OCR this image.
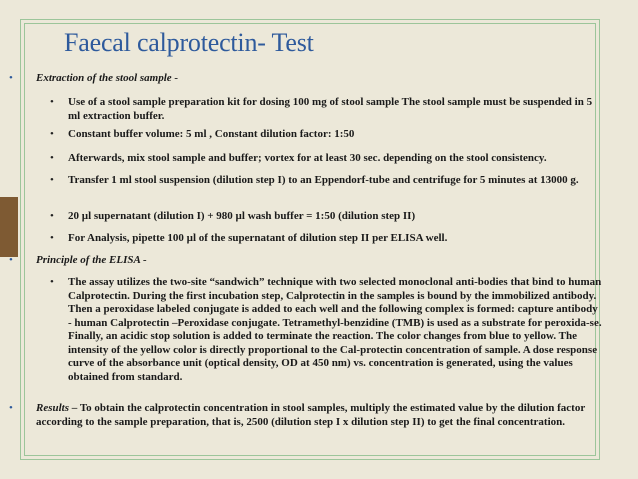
Faecal calprotectin- Test
• Extraction of the stool sample -
• Use of a stool sample preparation kit for dosing 100 mg of stool sample The stool sample must be suspended in 5 ml extraction buffer.
• Constant buffer volume: 5 ml , Constant dilution factor: 1:50
• Afterwards, mix stool sample and buffer; vortex for at least 30 sec. depending on the stool consistency.
• Transfer 1 ml stool suspension (dilution step I) to an Eppendorf-tube and centrifuge for 5 minutes at 13000 g.
• 20 µl supernatant (dilution I) + 980 µl wash buffer = 1:50 (dilution step II)
• For Analysis, pipette 100 µl of the supernatant of dilution step II per ELISA well.
• Principle of the ELISA -
• The assay utilizes the two-site “sandwich” technique with two selected monoclonal anti-bodies that bind to human Calprotectin. During the first incubation step, Calprotectin in the samples is bound by the immobilized antibody. Then a peroxidase labeled conjugate is added to each well and the following complex is formed: capture antibody - human Calprotectin –Peroxidase conjugate. Tetramethyl-benzidine (TMB) is used as a substrate for peroxida-se. Finally, an acidic stop solution is added to terminate the reaction. The color changes from blue to yellow. The intensity of the yellow color is directly proportional to the Cal-protectin concentration of sample. A dose response curve of the absorbance unit (optical density, OD at 450 nm) vs. concentration is generated, using the values obtained from standard.
• Results – To obtain the calprotectin concentration in stool samples, multiply the estimated value by the dilution factor according to the sample preparation, that is, 2500 (dilution step I x dilution step II) to get the final concentration.
